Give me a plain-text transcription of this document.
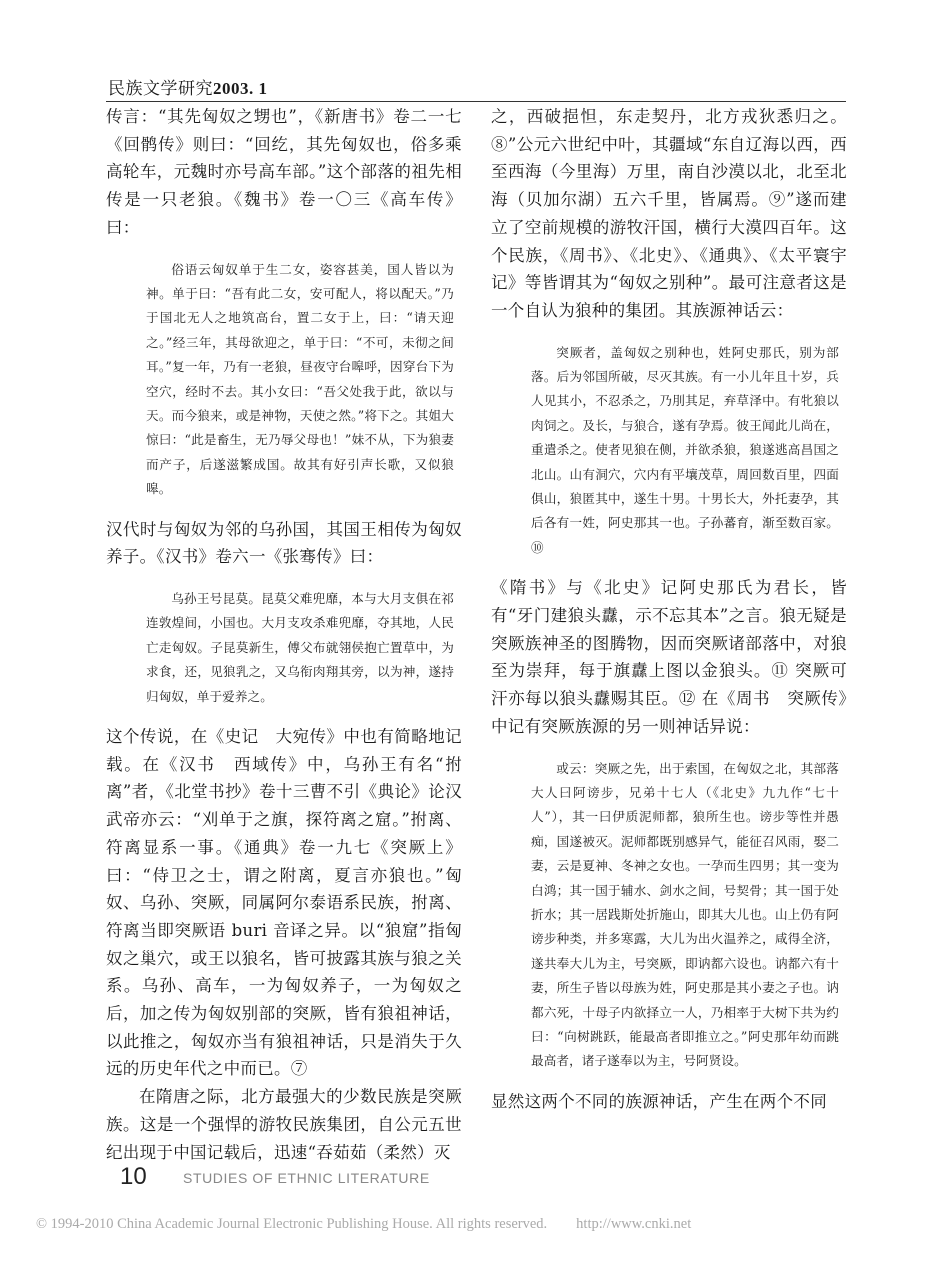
民族文学研究2003. 1

传言：“其先匈奴之甥也”，《新唐书》卷二一七《回鹘传》则曰：“回纥，其先匈奴也，俗多乘高轮车，元魏时亦号高车部。”这个部落的祖先相传是一只老狼。《魏书》卷一〇三《高车传》曰：

俗语云匈奴单于生二女，姿容甚美，国人皆以为神。单于曰：“吾有此二女，安可配人，将以配天。”乃于国北无人之地筑高台，置二女于上，曰：“请天迎之。”经三年，其母欲迎之，单于曰：“不可，未彻之间耳。”复一年，乃有一老狼，昼夜守台嗥呼，因穿台下为空穴，经时不去。其小女曰：“吾父处我于此，欲以与天。而今狼来，或是神物，天使之然。”将下之。其姐大惊曰：“此是畜生，无乃辱父母也！”妹不从，下为狼妻而产子，后遂滋繁成国。故其有好引声长歌，又似狼嗥。

汉代时与匈奴为邻的乌孙国，其国王相传为匈奴养子。《汉书》卷六一《张骞传》曰：

乌孙王号昆莫。昆莫父难兜靡，本与大月支俱在祁连敦煌间，小国也。大月支攻杀难兜靡，夺其地，人民亡走匈奴。子昆莫新生，傅父布就翎侯抱亡置草中，为求食，还，见狼乳之，又乌衔肉翔其旁，以为神，遂持归匈奴，单于爱养之。

这个传说，在《史记　大宛传》中也有简略地记载。在《汉书　西域传》中，乌孙王有名“拊离”者，《北堂书抄》卷十三曹不引《典论》论汉武帝亦云：“刈单于之旗，探符离之窟。”拊离、符离显系一事。《通典》卷一九七《突厥上》曰：“侍卫之士，谓之附离，夏言亦狼也。”匈奴、乌孙、突厥，同属阿尔泰语系民族，拊离、符离当即突厥语 buri 音译之异。以“狼窟”指匈奴之巢穴，或王以狼名，皆可披露其族与狼之关系。乌孙、高车，一为匈奴养子，一为匈奴之后，加之传为匈奴别部的突厥，皆有狼祖神话，以此推之，匈奴亦当有狼祖神话，只是消失于久远的历史年代之中而已。⑦

在隋唐之际，北方最强大的少数民族是突厥族。这是一个强悍的游牧民族集团，自公元五世纪出现于中国记载后，迅速“吞茹茹（柔然）灭

之，西破挹怛，东走契丹，北方戎狄悉归之。⑧”公元六世纪中叶，其疆域“东自辽海以西，西至西海（今里海）万里，南自沙漠以北，北至北海（贝加尔湖）五六千里，皆属焉。⑨”遂而建立了空前规模的游牧汗国，横行大漠四百年。这个民族，《周书》、《北史》、《通典》、《太平寰宇记》等皆谓其为“匈奴之别种”。最可注意者这是一个自认为狼种的集团。其族源神话云：

突厥者，盖匈奴之别种也，姓阿史那氏，别为部落。后为邻国所破，尽灭其族。有一小儿年且十岁，兵人见其小，不忍杀之，乃刖其足，弃草泽中。有牝狼以肉饲之。及长，与狼合，遂有孕焉。彼王闻此儿尚在，重遣杀之。使者见狼在侧，并欲杀狼，狼遂逃高昌国之北山。山有洞穴，穴内有平壤茂草，周回数百里，四面俱山，狼匿其中，遂生十男。十男长大，外托妻孕，其后各有一姓，阿史那其一也。子孙蕃育，渐至数百家。⑩

《隋书》与《北史》记阿史那氏为君长，皆有“牙门建狼头纛，示不忘其本”之言。狼无疑是突厥族神圣的图腾物，因而突厥诸部落中，对狼至为崇拜，每于旗纛上图以金狼头。⑪ 突厥可汗亦每以狼头纛赐其臣。⑫ 在《周书　突厥传》中记有突厥族源的另一则神话异说：

或云：突厥之先，出于索国，在匈奴之北，其部落大人曰阿谤步，兄弟十七人（《北史》九九作“七十人”），其一曰伊质泥师都，狼所生也。谤步等性并愚痴，国遂被灭。泥师都既别感异气，能征召风雨，娶二妻，云是夏神、冬神之女也。一孕而生四男；其一变为白鸿；其一国于辅水、剑水之间，号契骨；其一国于处折水；其一居践斯处折施山，即其大儿也。山上仍有阿谤步种类，并多寒露，大儿为出火温养之，咸得全济，遂共奉大儿为主，号突厥，即讷都六设也。讷都六有十妻，所生子皆以母族为姓，阿史那是其小妻之子也。讷都六死，十母子内欲择立一人，乃相率于大树下共为约曰：“向树跳跃，能最高者即推立之。”阿史那年幼而跳最高者，诸子遂奉以为主，号阿贤设。

显然这两个不同的族源神话，产生在两个不同

10	STUDIES OF ETHNIC LITERATURE
© 1994-2010 China Academic Journal Electronic Publishing House. All rights reserved.　　http://www.cnki.net
